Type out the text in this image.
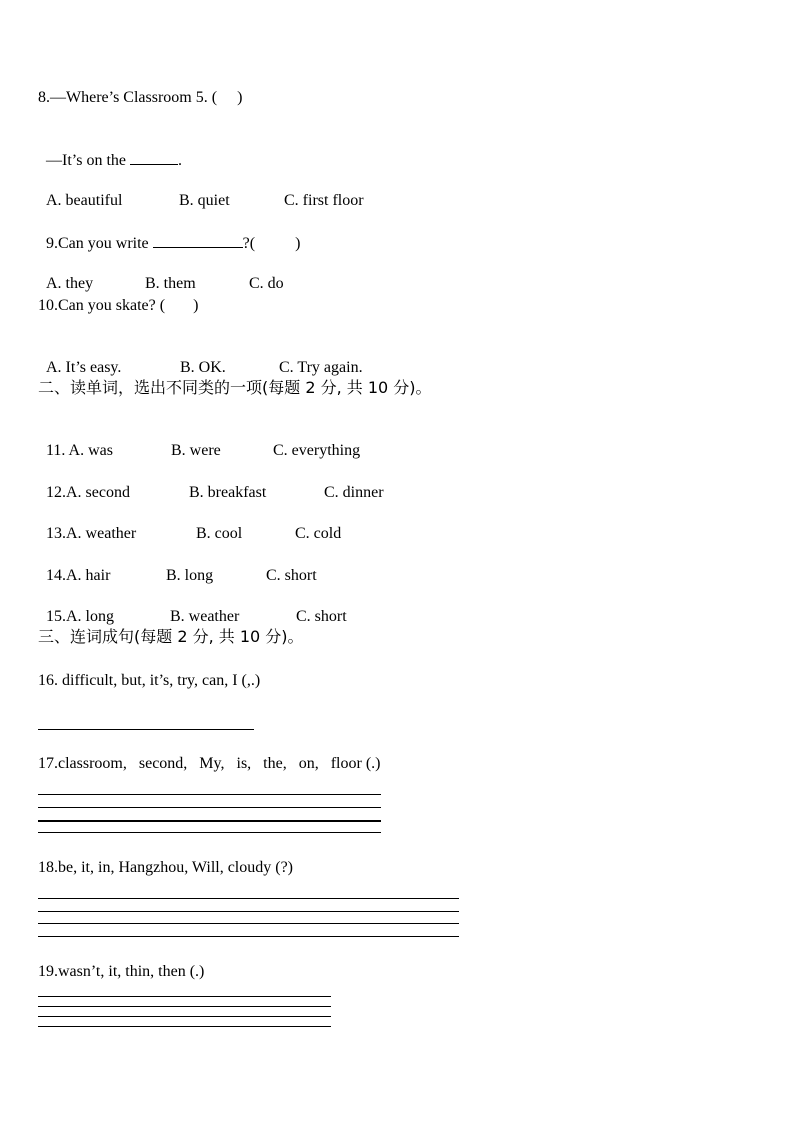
8.—Where’s Classroom 5. (     )

—It’s on the	.

A. beautiful	B. quiet	C. first floor

9.Can you write	?(          )

A. they	B. them	C. do

10.Can you skate? (       )

A. It’s easy.	B. OK.	C. Try again.

二、读单词，选出不同类的一项(每题 2 分, 共 10 分)。

11. A. was	B. were	C. everything

12.A. second	B. breakfast	C. dinner

13.A. weather	B. cool	C. cold

14.A. hair	B. long	C. short

15.A. long	B. weather	C. short

三、连词成句(每题 2 分, 共 10 分)。
16. difficult, but, it’s, try, can, I (,.)
17.classroom,   second,   My,   is,   the,   on,   floor (.)
18.be, it, in, Hangzhou, Will, cloudy (?)
19.wasn’t, it, thin, then (.)
